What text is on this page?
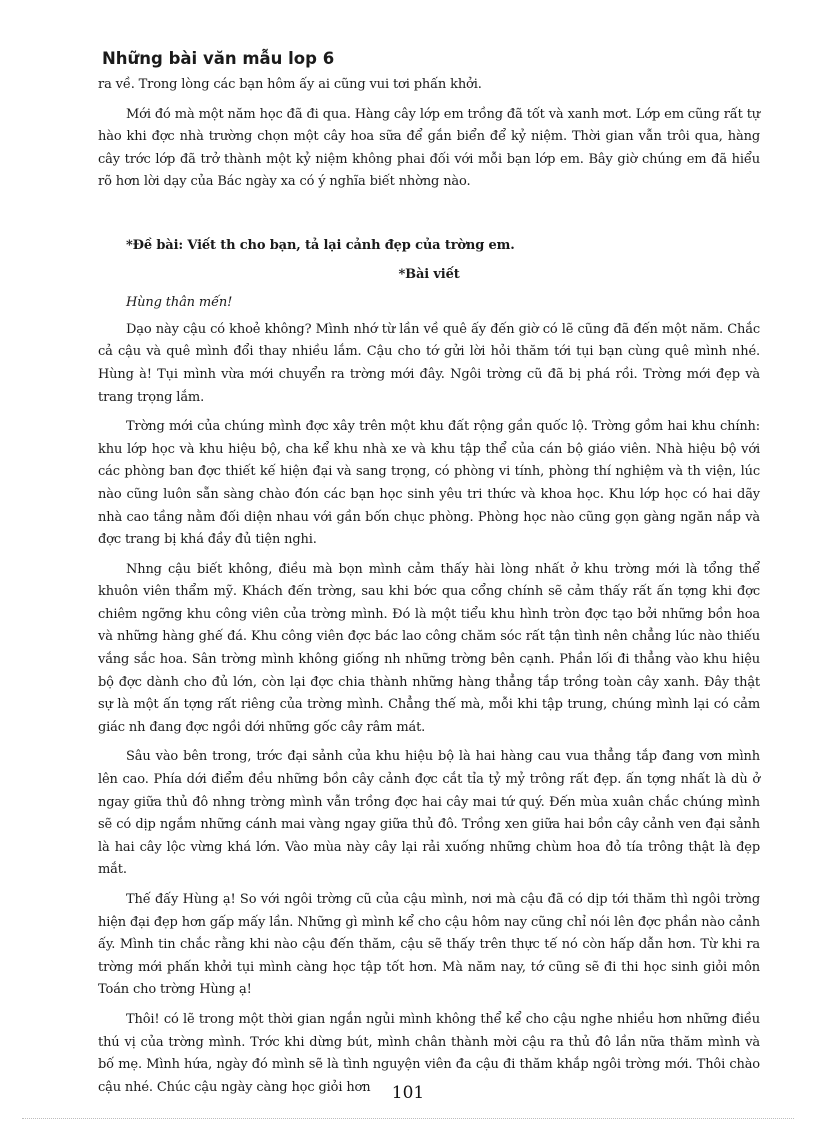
Những bài văn mẫu lop 6

ra về. Trong lòng các bạn hôm ấy ai cũng vui tơi phấn khởi.

Mới đó mà một năm học đã đi qua. Hàng cây lớp em trồng đã tốt và xanh mơt. Lớp em cũng rất tự hào khi đợc nhà trường chọn một cây hoa sữa để gắn biển để kỷ niệm. Thời gian vẫn trôi qua, hàng cây trớc lớp đã trở thành một kỷ niệm không phai đối với mỗi bạn lớp em. Bây giờ chúng em đã hiểu rõ hơn lời dạy của Bác ngày xa có ý nghĩa biết nhờng nào.

*Đề bài: Viết th cho bạn, tả lại cảnh đẹp của trờng em.
*Bài viết
Hùng thân mến!

Dạo này cậu có khoẻ không? Mình nhớ từ lần về quê ấy đến giờ có lẽ cũng đã đến một năm. Chắc cả cậu và quê mình đổi thay nhiều lắm. Cậu cho tớ gửi lời hỏi thăm tới tụi bạn cùng quê mình nhé. Hùng à! Tụi mình vừa mới chuyển ra trờng mới đây. Ngôi trờng cũ đã bị phá rồi. Trờng mới đẹp và trang trọng lắm.

Trờng mới của chúng mình đợc xây trên một khu đất rộng gần quốc lộ. Trờng gồm hai khu chính: khu lớp học và khu hiệu bộ, cha kể khu nhà xe và khu tập thể của cán bộ giáo viên. Nhà hiệu bộ với các phòng ban đợc thiết kế hiện đại và sang trọng, có phòng vi tính, phòng thí nghiệm và th viện, lúc nào cũng luôn sẵn sàng chào đón các bạn học sinh yêu tri thức và khoa học. Khu lớp học có hai dãy nhà cao tầng nằm đối diện nhau với gần bốn chục phòng. Phòng học nào cũng gọn gàng ngăn nắp và đợc trang bị khá đầy đủ tiện nghi.

Nhng cậu biết không, điều mà bọn mình cảm thấy hài lòng nhất ở khu trờng mới là tổng thể khuôn viên thẩm mỹ. Khách đến trờng, sau khi bớc qua cổng chính sẽ cảm thấy rất ấn tợng khi đợc chiêm ngỡng khu công viên của trờng mình. Đó là một tiểu khu hình tròn đợc tạo bởi những bồn hoa và những hàng ghế đá. Khu công viên đợc bác lao công chăm sóc rất tận tình nên chẳng lúc nào thiếu vắng sắc hoa. Sân trờng mình không giống nh những trờng bên cạnh. Phần lối đi thẳng vào khu hiệu bộ đợc dành cho đủ lớn, còn lại đợc chia thành những hàng thẳng tắp trồng toàn cây xanh. Đây thật sự là một ấn tợng rất riêng của trờng mình. Chẳng thế mà, mỗi khi tập trung, chúng mình lại có cảm giác nh đang đợc ngồi dới những gốc cây râm mát.

Sâu vào bên trong, trớc đại sảnh của khu hiệu bộ là hai hàng cau vua thẳng tắp đang vơn mình lên cao. Phía dới điểm đều những bồn cây cảnh đợc cắt tỉa tỷ mỷ trông rất đẹp. ấn tợng nhất là dù ở ngay giữa thủ đô nhng trờng mình vẫn trồng đợc hai cây mai tứ quý. Đến mùa xuân chắc chúng mình sẽ có dịp ngắm những cánh mai vàng ngay giữa thủ đô. Trồng xen giữa hai bồn cây cảnh ven đại sảnh là hai cây lộc vừng khá lớn. Vào mùa này cây lại rải xuống những chùm hoa đỏ tía trông thật là đẹp mắt.

Thế đấy Hùng ạ! So với ngôi trờng cũ của cậu mình, nơi mà cậu đã có dịp tới thăm thì ngôi trờng hiện đại đẹp hơn gấp mấy lần. Những gì mình kể cho cậu hôm nay cũng chỉ nói lên đợc phần nào cảnh ấy. Mình tin chắc rằng khi nào cậu đến thăm, cậu sẽ thấy trên thực tế nó còn hấp dẫn hơn. Từ khi ra trờng mới phấn khởi tụi mình càng học tập tốt hơn. Mà năm nay, tớ cũng sẽ đi thi học sinh giỏi môn Toán cho trờng Hùng ạ!

Thôi! có lẽ trong một thời gian ngắn ngủi mình không thể kể cho cậu nghe nhiều hơn những điều thú vị của trờng mình. Trớc khi dừng bút, mình chân thành mời cậu ra thủ đô lần nữa thăm mình và bố mẹ. Mình hứa, ngày đó mình sẽ là tình nguyện viên đa cậu đi thăm khắp ngôi trờng mới. Thôi chào cậu nhé. Chúc cậu ngày càng học giỏi hơn	101
